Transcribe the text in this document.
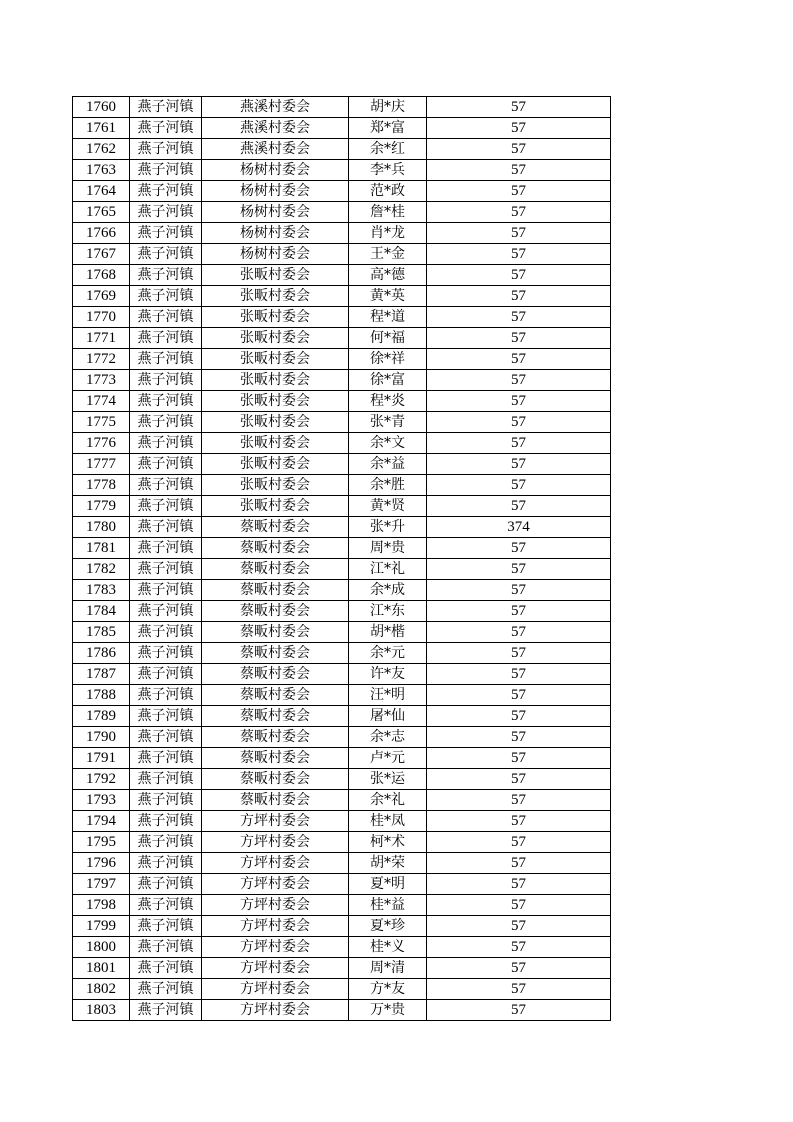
1760	燕子河镇	燕溪村委会	胡*庆	57
1761	燕子河镇	燕溪村委会	郑*富	57
1762	燕子河镇	燕溪村委会	余*红	57
1763	燕子河镇	杨树村委会	李*兵	57
1764	燕子河镇	杨树村委会	范*政	57
1765	燕子河镇	杨树村委会	詹*桂	57
1766	燕子河镇	杨树村委会	肖*龙	57
1767	燕子河镇	杨树村委会	王*金	57
1768	燕子河镇	张畈村委会	高*德	57
1769	燕子河镇	张畈村委会	黄*英	57
1770	燕子河镇	张畈村委会	程*道	57
1771	燕子河镇	张畈村委会	何*福	57
1772	燕子河镇	张畈村委会	徐*祥	57
1773	燕子河镇	张畈村委会	徐*富	57
1774	燕子河镇	张畈村委会	程*炎	57
1775	燕子河镇	张畈村委会	张*青	57
1776	燕子河镇	张畈村委会	余*文	57
1777	燕子河镇	张畈村委会	余*益	57
1778	燕子河镇	张畈村委会	余*胜	57
1779	燕子河镇	张畈村委会	黄*贤	57
1780	燕子河镇	蔡畈村委会	张*升	374
1781	燕子河镇	蔡畈村委会	周*贵	57
1782	燕子河镇	蔡畈村委会	江*礼	57
1783	燕子河镇	蔡畈村委会	余*成	57
1784	燕子河镇	蔡畈村委会	江*东	57
1785	燕子河镇	蔡畈村委会	胡*楷	57
1786	燕子河镇	蔡畈村委会	余*元	57
1787	燕子河镇	蔡畈村委会	许*友	57
1788	燕子河镇	蔡畈村委会	汪*明	57
1789	燕子河镇	蔡畈村委会	屠*仙	57
1790	燕子河镇	蔡畈村委会	余*志	57
1791	燕子河镇	蔡畈村委会	卢*元	57
1792	燕子河镇	蔡畈村委会	张*运	57
1793	燕子河镇	蔡畈村委会	余*礼	57
1794	燕子河镇	方坪村委会	桂*凤	57
1795	燕子河镇	方坪村委会	柯*术	57
1796	燕子河镇	方坪村委会	胡*荣	57
1797	燕子河镇	方坪村委会	夏*明	57
1798	燕子河镇	方坪村委会	桂*益	57
1799	燕子河镇	方坪村委会	夏*珍	57
1800	燕子河镇	方坪村委会	桂*义	57
1801	燕子河镇	方坪村委会	周*清	57
1802	燕子河镇	方坪村委会	方*友	57
1803	燕子河镇	方坪村委会	万*贵	57
